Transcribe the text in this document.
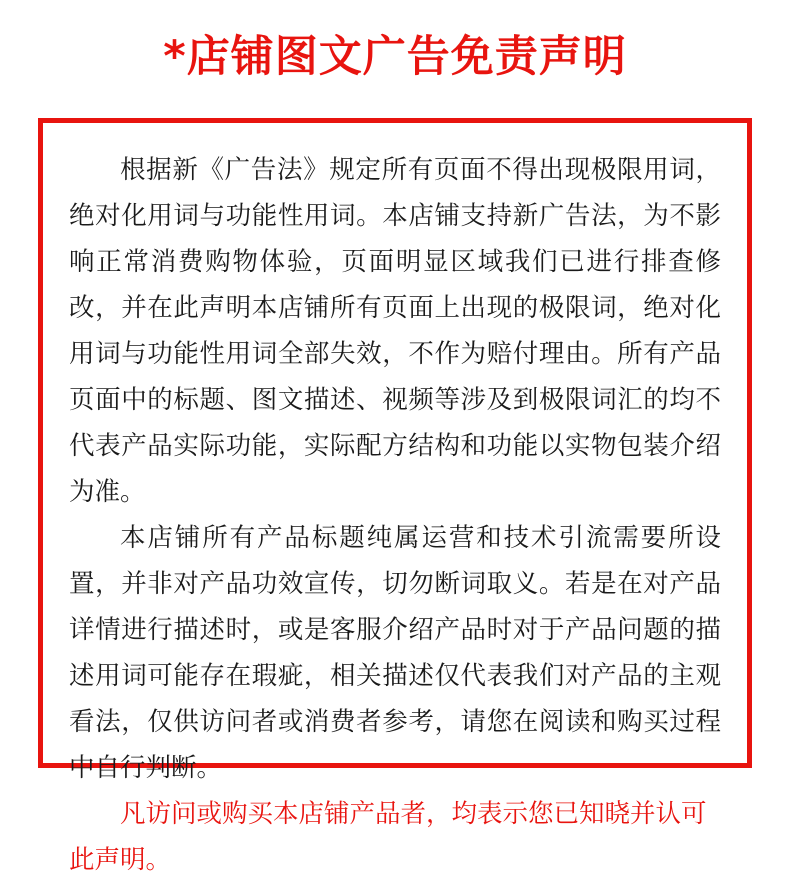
*店铺图文广告免责声明

根据新《广告法》规定所有页面不得出现极限用词，绝对化用词与功能性用词。本店铺支持新广告法，为不影响正常消费购物体验，页面明显区域我们已进行排查修改，并在此声明本店铺所有页面上出现的极限词，绝对化用词与功能性用词全部失效，不作为赔付理由。所有产品页面中的标题、图文描述、视频等涉及到极限词汇的均不代表产品实际功能，实际配方结构和功能以实物包装介绍为准。

本店铺所有产品标题纯属运营和技术引流需要所设置，并非对产品功效宣传，切勿断词取义。若是在对产品详情进行描述时，或是客服介绍产品时对于产品问题的描述用词可能存在瑕疵，相关描述仅代表我们对产品的主观看法，仅供访问者或消费者参考，请您在阅读和购买过程中自行判断。

凡访问或购买本店铺产品者，均表示您已知晓并认可此声明。
